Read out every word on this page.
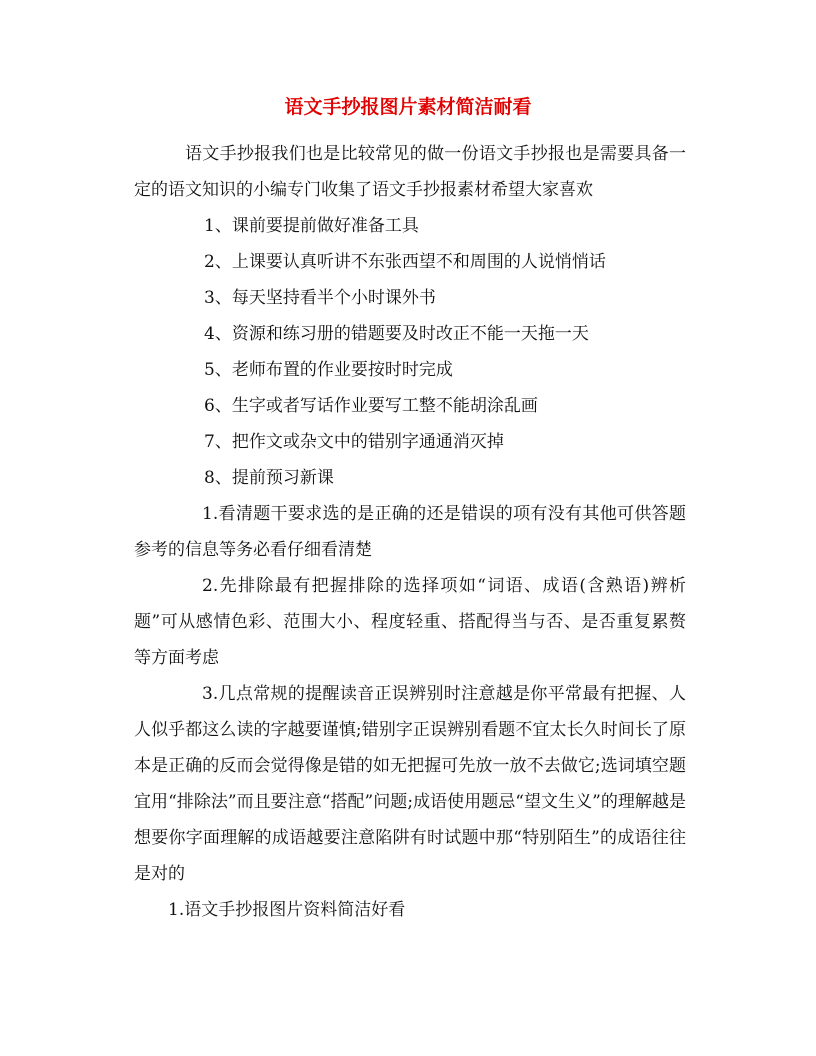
语文手抄报图片素材简洁耐看

语文手抄报我们也是比较常见的做一份语文手抄报也是需要具备一定的语文知识的小编专门收集了语文手抄报素材希望大家喜欢

1、课前要提前做好准备工具
2、上课要认真听讲不东张西望不和周围的人说悄悄话
3、每天坚持看半个小时课外书
4、资源和练习册的错题要及时改正不能一天拖一天
5、老师布置的作业要按时时完成
6、生字或者写话作业要写工整不能胡涂乱画
7、把作文或杂文中的错别字通通消灭掉
8、提前预习新课

1.看清题干要求选的是正确的还是错误的项有没有其他可供答题参考的信息等务必看仔细看清楚

2.先排除最有把握排除的选择项如“词语、成语(含熟语)辨析题”可从感情色彩、范围大小、程度轻重、搭配得当与否、是否重复累赘等方面考虑

3.几点常规的提醒读音正误辨别时注意越是你平常最有把握、人人似乎都这么读的字越要谨慎;错别字正误辨别看题不宜太长久时间长了原本是正确的反而会觉得像是错的如无把握可先放一放不去做它;选词填空题宜用“排除法”而且要注意“搭配”问题;成语使用题忌“望文生义”的理解越是想要你字面理解的成语越要注意陷阱有时试题中那“特别陌生”的成语往往是对的

1.语文手抄报图片资料简洁好看
